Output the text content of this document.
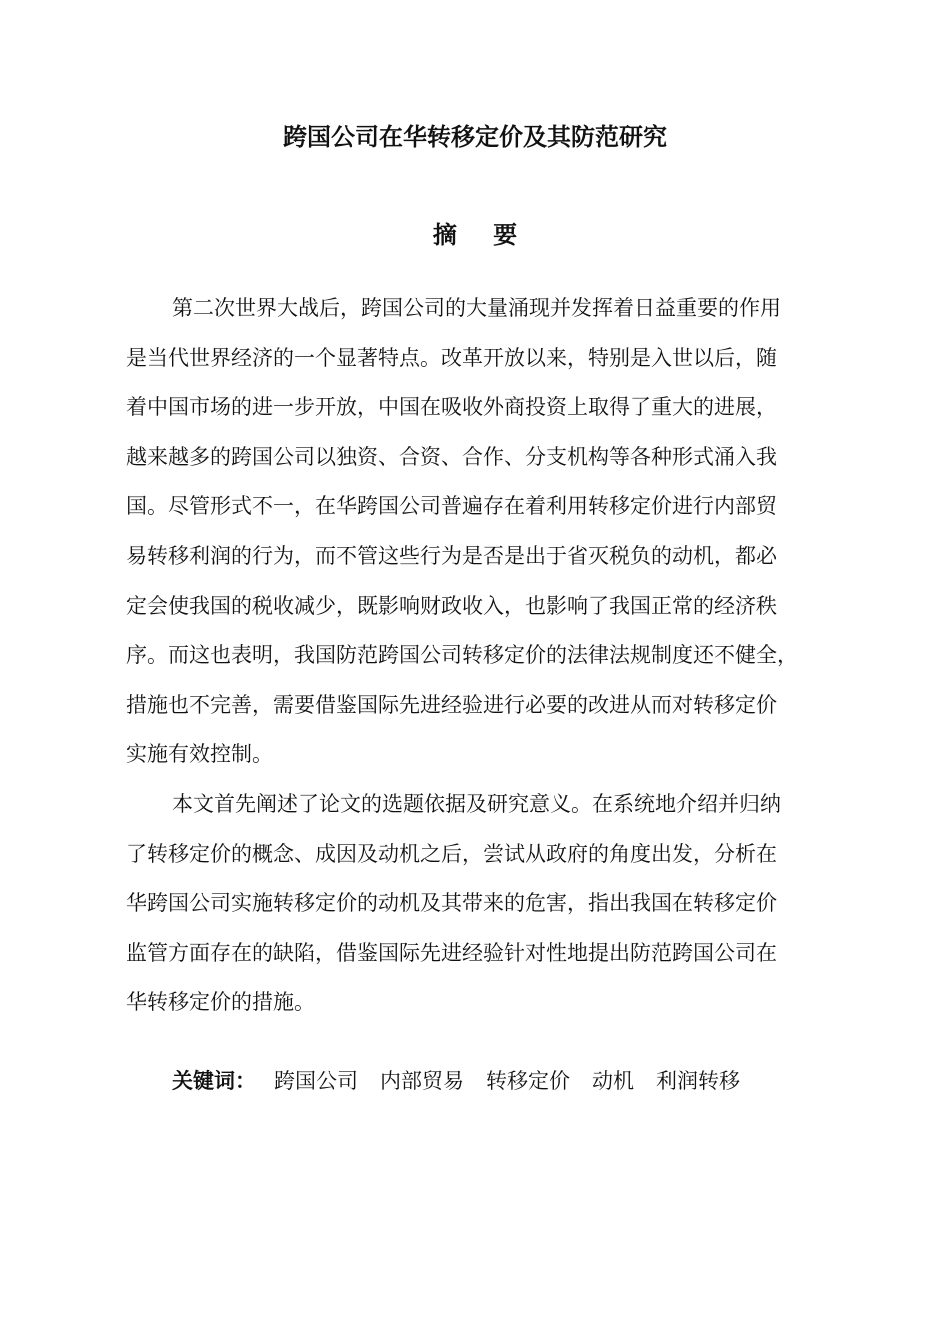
跨国公司在华转移定价及其防范研究
摘 要
第二次世界大战后，跨国公司的大量涌现并发挥着日益重要的作用
是当代世界经济的一个显著特点。改革开放以来，特别是入世以后，随
着中国市场的进一步开放，中国在吸收外商投资上取得了重大的进展，
越来越多的跨国公司以独资、合资、合作、分支机构等各种形式涌入我
国。尽管形式不一，在华跨国公司普遍存在着利用转移定价进行内部贸
易转移利润的行为，而不管这些行为是否是出于省灭税负的动机，都必
定会使我国的税收减少，既影响财政收入，也影响了我国正常的经济秩
序。而这也表明，我国防范跨国公司转移定价的法律法规制度还不健全，
措施也不完善，需要借鉴国际先进经验进行必要的改进从而对转移定价
实施有效控制。
本文首先阐述了论文的选题依据及研究意义。在系统地介绍并归纳
了转移定价的概念、成因及动机之后，尝试从政府的角度出发，分析在
华跨国公司实施转移定价的动机及其带来的危害，指出我国在转移定价
监管方面存在的缺陷，借鉴国际先进经验针对性地提出防范跨国公司在
华转移定价的措施。
关键词： 跨国公司 内部贸易 转移定价 动机 利润转移
